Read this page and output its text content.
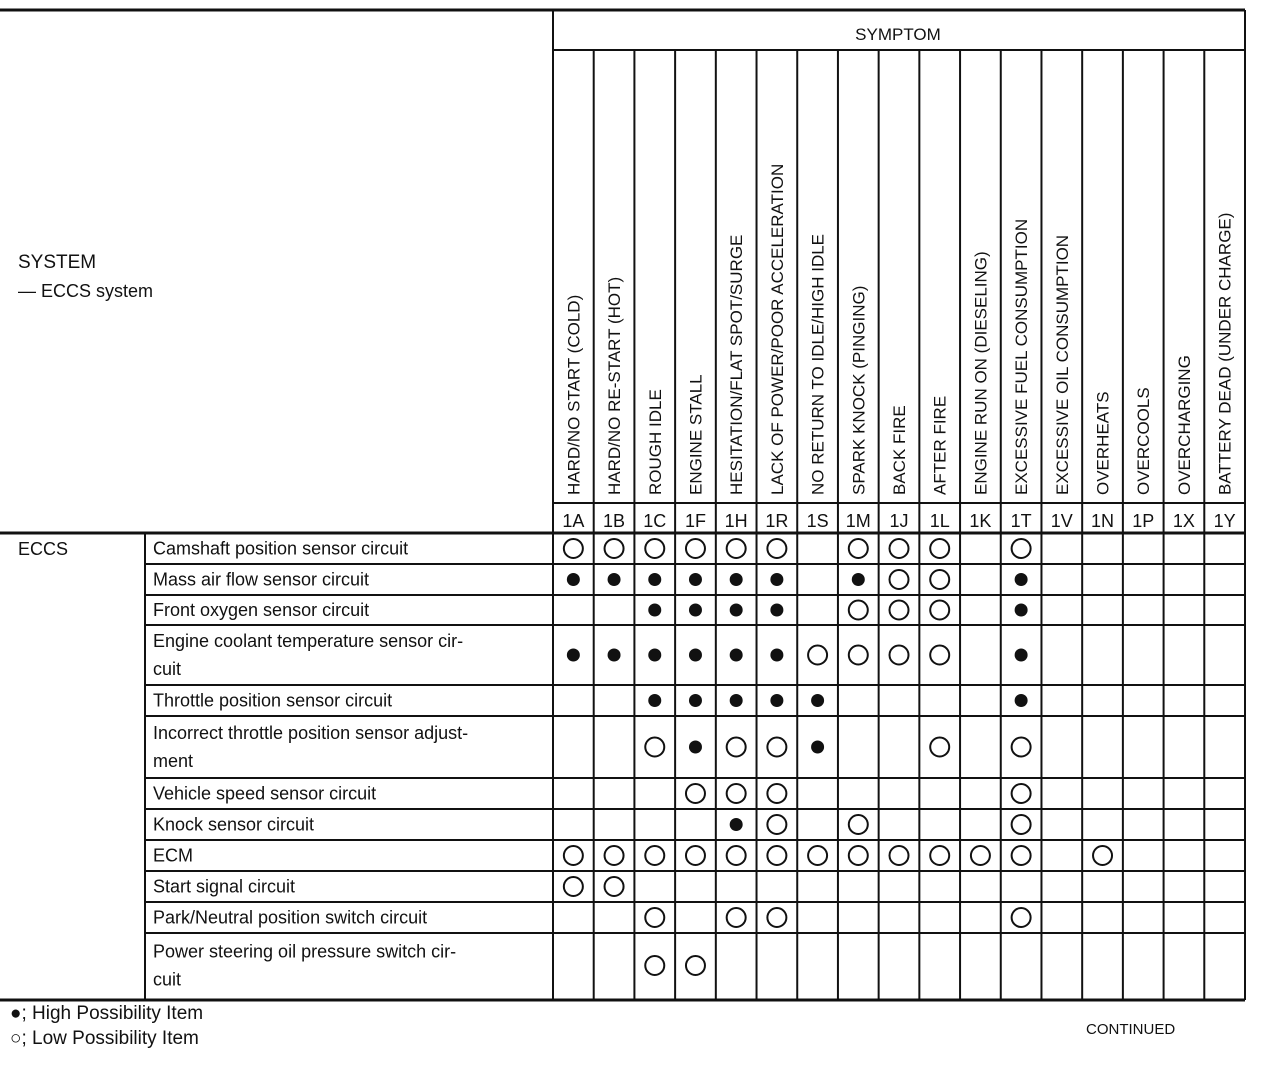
HARD/NO START (COLD) HARD/NO RE-START (HOT) ROUGH IDLE ENGINE STALL HESITATION/FLAT SPOT/SURGE LACK OF POWER/POOR ACCELERATION NO RETURN TO IDLE/HIGH IDLE SPARK KNOCK (PINGING) BACK FIRE AFTER FIRE ENGINE RUN ON (DIESELING) EXCESSIVE FUEL CONSUMPTION EXCESSIVE OIL CONSUMPTION OVERHEATS OVERCOOLS OVERCHARGING BATTERY DEAD (UNDER CHARGE)
1A 1B 1C 1F 1H 1R 1S 1M 1J 1L 1K 1T 1V 1N 1P 1X 1Y
ECCS	Camshaft position sensor circuit
Mass air flow sensor circuit
Front oxygen sensor circuit
Engine coolant temperature sensor cir-
cuit
Throttle position sensor circuit
Incorrect throttle position sensor adjust-
ment
Vehicle speed sensor circuit
Knock sensor circuit
ECM
Start signal circuit
Park/Neutral position switch circuit
Power steering oil pressure switch cir-
cuit
SYMPTOM
SYSTEM
— ECCS system
●; High Possibility Item
○; Low Possibility Item	CONTINUED
